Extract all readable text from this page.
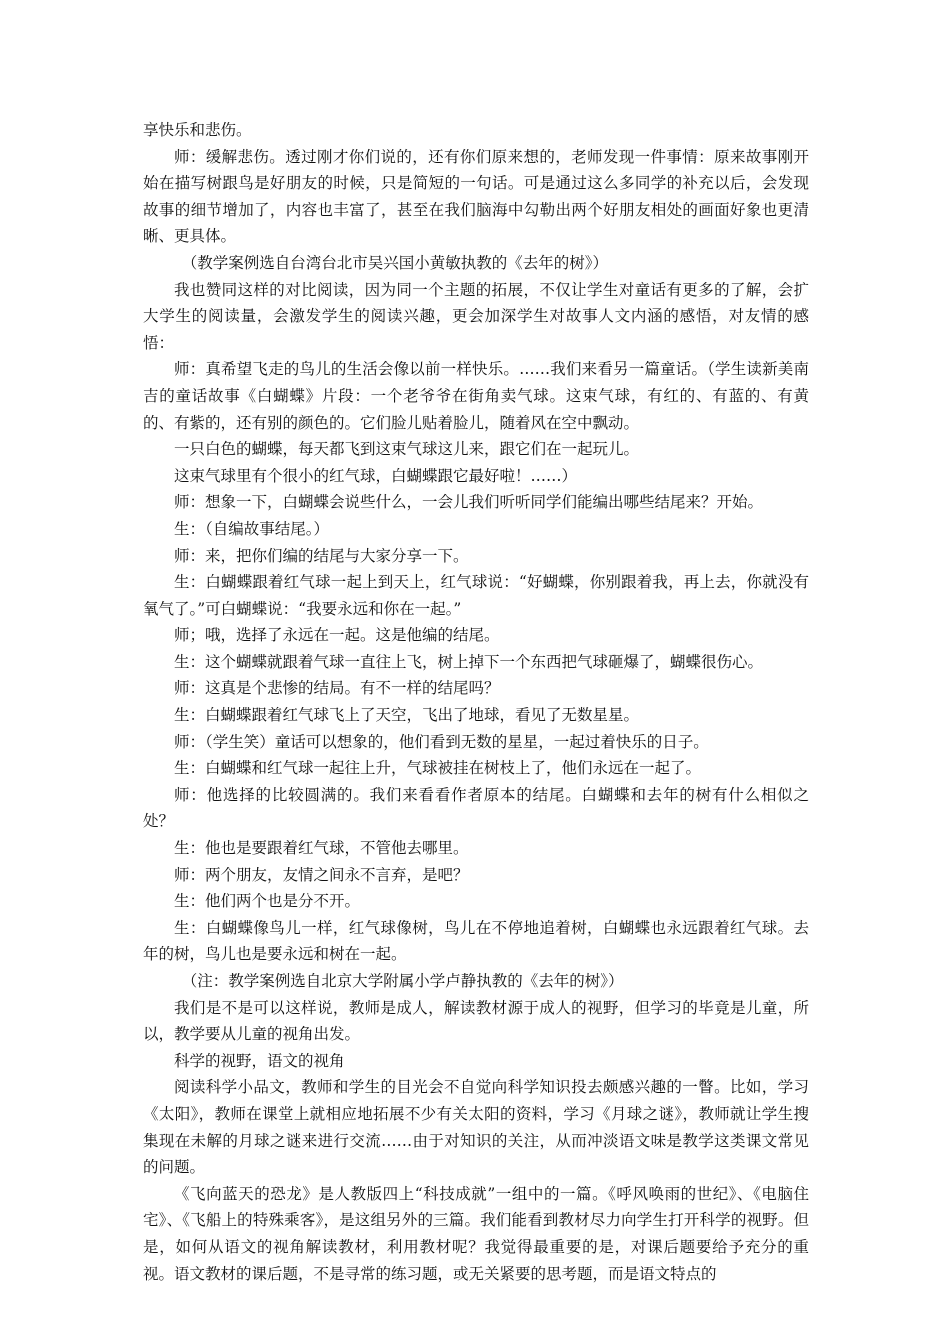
享快乐和悲伤。

师：缓解悲伤。透过刚才你们说的，还有你们原来想的，老师发现一件事情：原来故事刚开始在描写树跟鸟是好朋友的时候，只是简短的一句话。可是通过这么多同学的补充以后，会发现故事的细节增加了，内容也丰富了，甚至在我们脑海中勾勒出两个好朋友相处的画面好象也更清晰、更具体。

（教学案例选自台湾台北市吴兴国小黄敏执教的《去年的树》）

我也赞同这样的对比阅读，因为同一个主题的拓展，不仅让学生对童话有更多的了解，会扩大学生的阅读量，会激发学生的阅读兴趣，更会加深学生对故事人文内涵的感悟，对友情的感悟：

师：真希望飞走的鸟儿的生活会像以前一样快乐。……我们来看另一篇童话。（学生读新美南吉的童话故事《白蝴蝶》片段：一个老爷爷在街角卖气球。这束气球，有红的、有蓝的、有黄的、有紫的，还有别的颜色的。它们脸儿贴着脸儿，随着风在空中飘动。

一只白色的蝴蝶，每天都飞到这束气球这儿来，跟它们在一起玩儿。

这束气球里有个很小的红气球，白蝴蝶跟它最好啦！……）

师：想象一下，白蝴蝶会说些什么，一会儿我们听听同学们能编出哪些结尾来？开始。

生：（自编故事结尾。）

师：来，把你们编的结尾与大家分享一下。

生：白蝴蝶跟着红气球一起上到天上，红气球说：“好蝴蝶，你别跟着我，再上去，你就没有氧气了。”可白蝴蝶说：“我要永远和你在一起。”

师；哦，选择了永远在一起。这是他编的结尾。

生：这个蝴蝶就跟着气球一直往上飞，树上掉下一个东西把气球砸爆了，蝴蝶很伤心。

师：这真是个悲惨的结局。有不一样的结尾吗？

生：白蝴蝶跟着红气球飞上了天空，飞出了地球，看见了无数星星。

师：（学生笑）童话可以想象的，他们看到无数的星星，一起过着快乐的日子。

生：白蝴蝶和红气球一起往上升，气球被挂在树枝上了，他们永远在一起了。

师：他选择的比较圆满的。我们来看看作者原本的结尾。白蝴蝶和去年的树有什么相似之处？

生：他也是要跟着红气球，不管他去哪里。

师：两个朋友，友情之间永不言弃，是吧？

生：他们两个也是分不开。

生：白蝴蝶像鸟儿一样，红气球像树，鸟儿在不停地追着树，白蝴蝶也永远跟着红气球。去年的树，鸟儿也是要永远和树在一起。

（注：教学案例选自北京大学附属小学卢静执教的《去年的树》）

我们是不是可以这样说，教师是成人，解读教材源于成人的视野，但学习的毕竟是儿童，所以，教学要从儿童的视角出发。

科学的视野，语文的视角

阅读科学小品文，教师和学生的目光会不自觉向科学知识投去颇感兴趣的一瞥。比如，学习《太阳》，教师在课堂上就相应地拓展不少有关太阳的资料，学习《月球之谜》，教师就让学生搜集现在未解的月球之谜来进行交流……由于对知识的关注，从而冲淡语文味是教学这类课文常见的问题。

《飞向蓝天的恐龙》是人教版四上“科技成就”一组中的一篇。《呼风唤雨的世纪》、《电脑住宅》、《飞船上的特殊乘客》，是这组另外的三篇。我们能看到教材尽力向学生打开科学的视野。但是，如何从语文的视角解读教材，利用教材呢？我觉得最重要的是，对课后题要给予充分的重视。语文教材的课后题，不是寻常的练习题，或无关紧要的思考题，而是语文特点的
